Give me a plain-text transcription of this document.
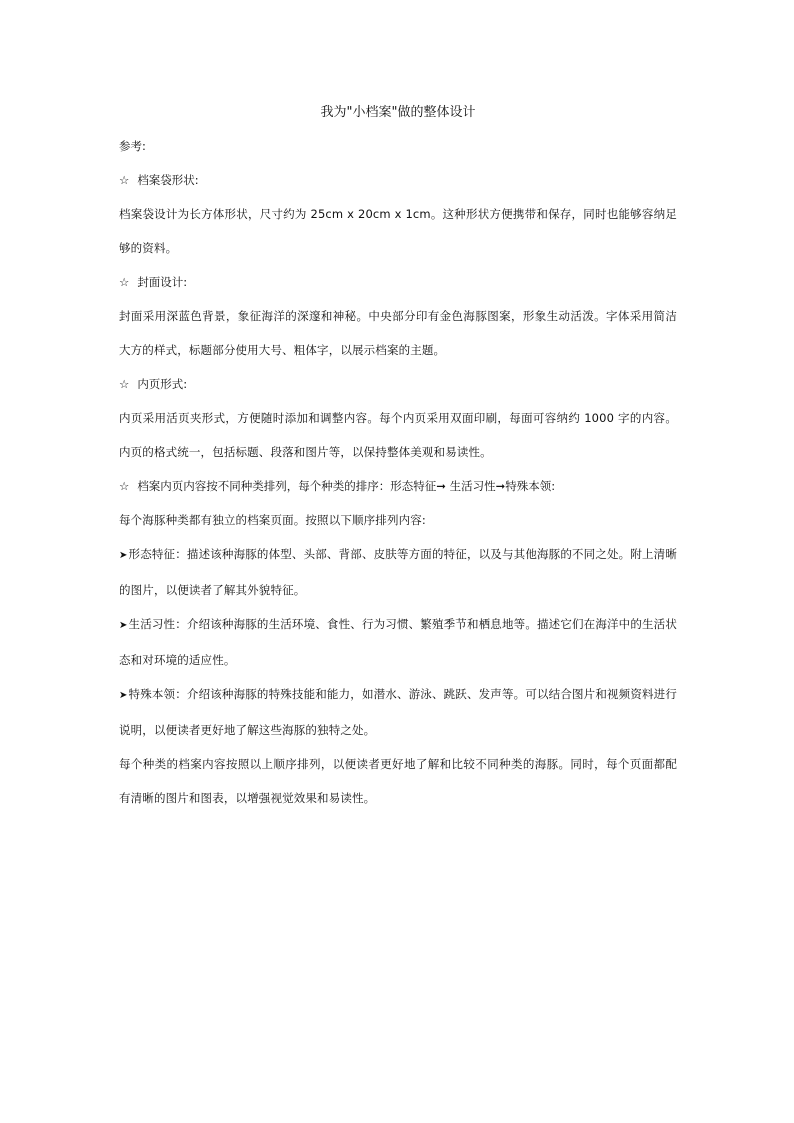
我为"小档案"做的整体设计

参考:

☆ 档案袋形状:

档案袋设计为长方体形状，尺寸约为 25cm x 20cm x 1cm。这种形状方便携带和保存，同时也能够容纳足够的资料。

☆ 封面设计:

封面采用深蓝色背景，象征海洋的深邃和神秘。中央部分印有金色海豚图案，形象生动活泼。字体采用简洁大方的样式，标题部分使用大号、粗体字，以展示档案的主题。

☆ 内页形式:

内页采用活页夹形式，方便随时添加和调整内容。每个内页采用双面印刷，每面可容纳约 1000 字的内容。内页的格式统一，包括标题、段落和图片等，以保持整体美观和易读性。

☆ 档案内页内容按不同种类排列，每个种类的排序：形态特征➞ 生活习性➞特殊本领:

每个海豚种类都有独立的档案页面。按照以下顺序排列内容:

➤形态特征：描述该种海豚的体型、头部、背部、皮肤等方面的特征，以及与其他海豚的不同之处。附上清晰的图片，以便读者了解其外貌特征。

➤生活习性：介绍该种海豚的生活环境、食性、行为习惯、繁殖季节和栖息地等。描述它们在海洋中的生活状态和对环境的适应性。

➤特殊本领：介绍该种海豚的特殊技能和能力，如潜水、游泳、跳跃、发声等。可以结合图片和视频资料进行说明，以便读者更好地了解这些海豚的独特之处。

每个种类的档案内容按照以上顺序排列，以便读者更好地了解和比较不同种类的海豚。同时，每个页面都配有清晰的图片和图表，以增强视觉效果和易读性。
